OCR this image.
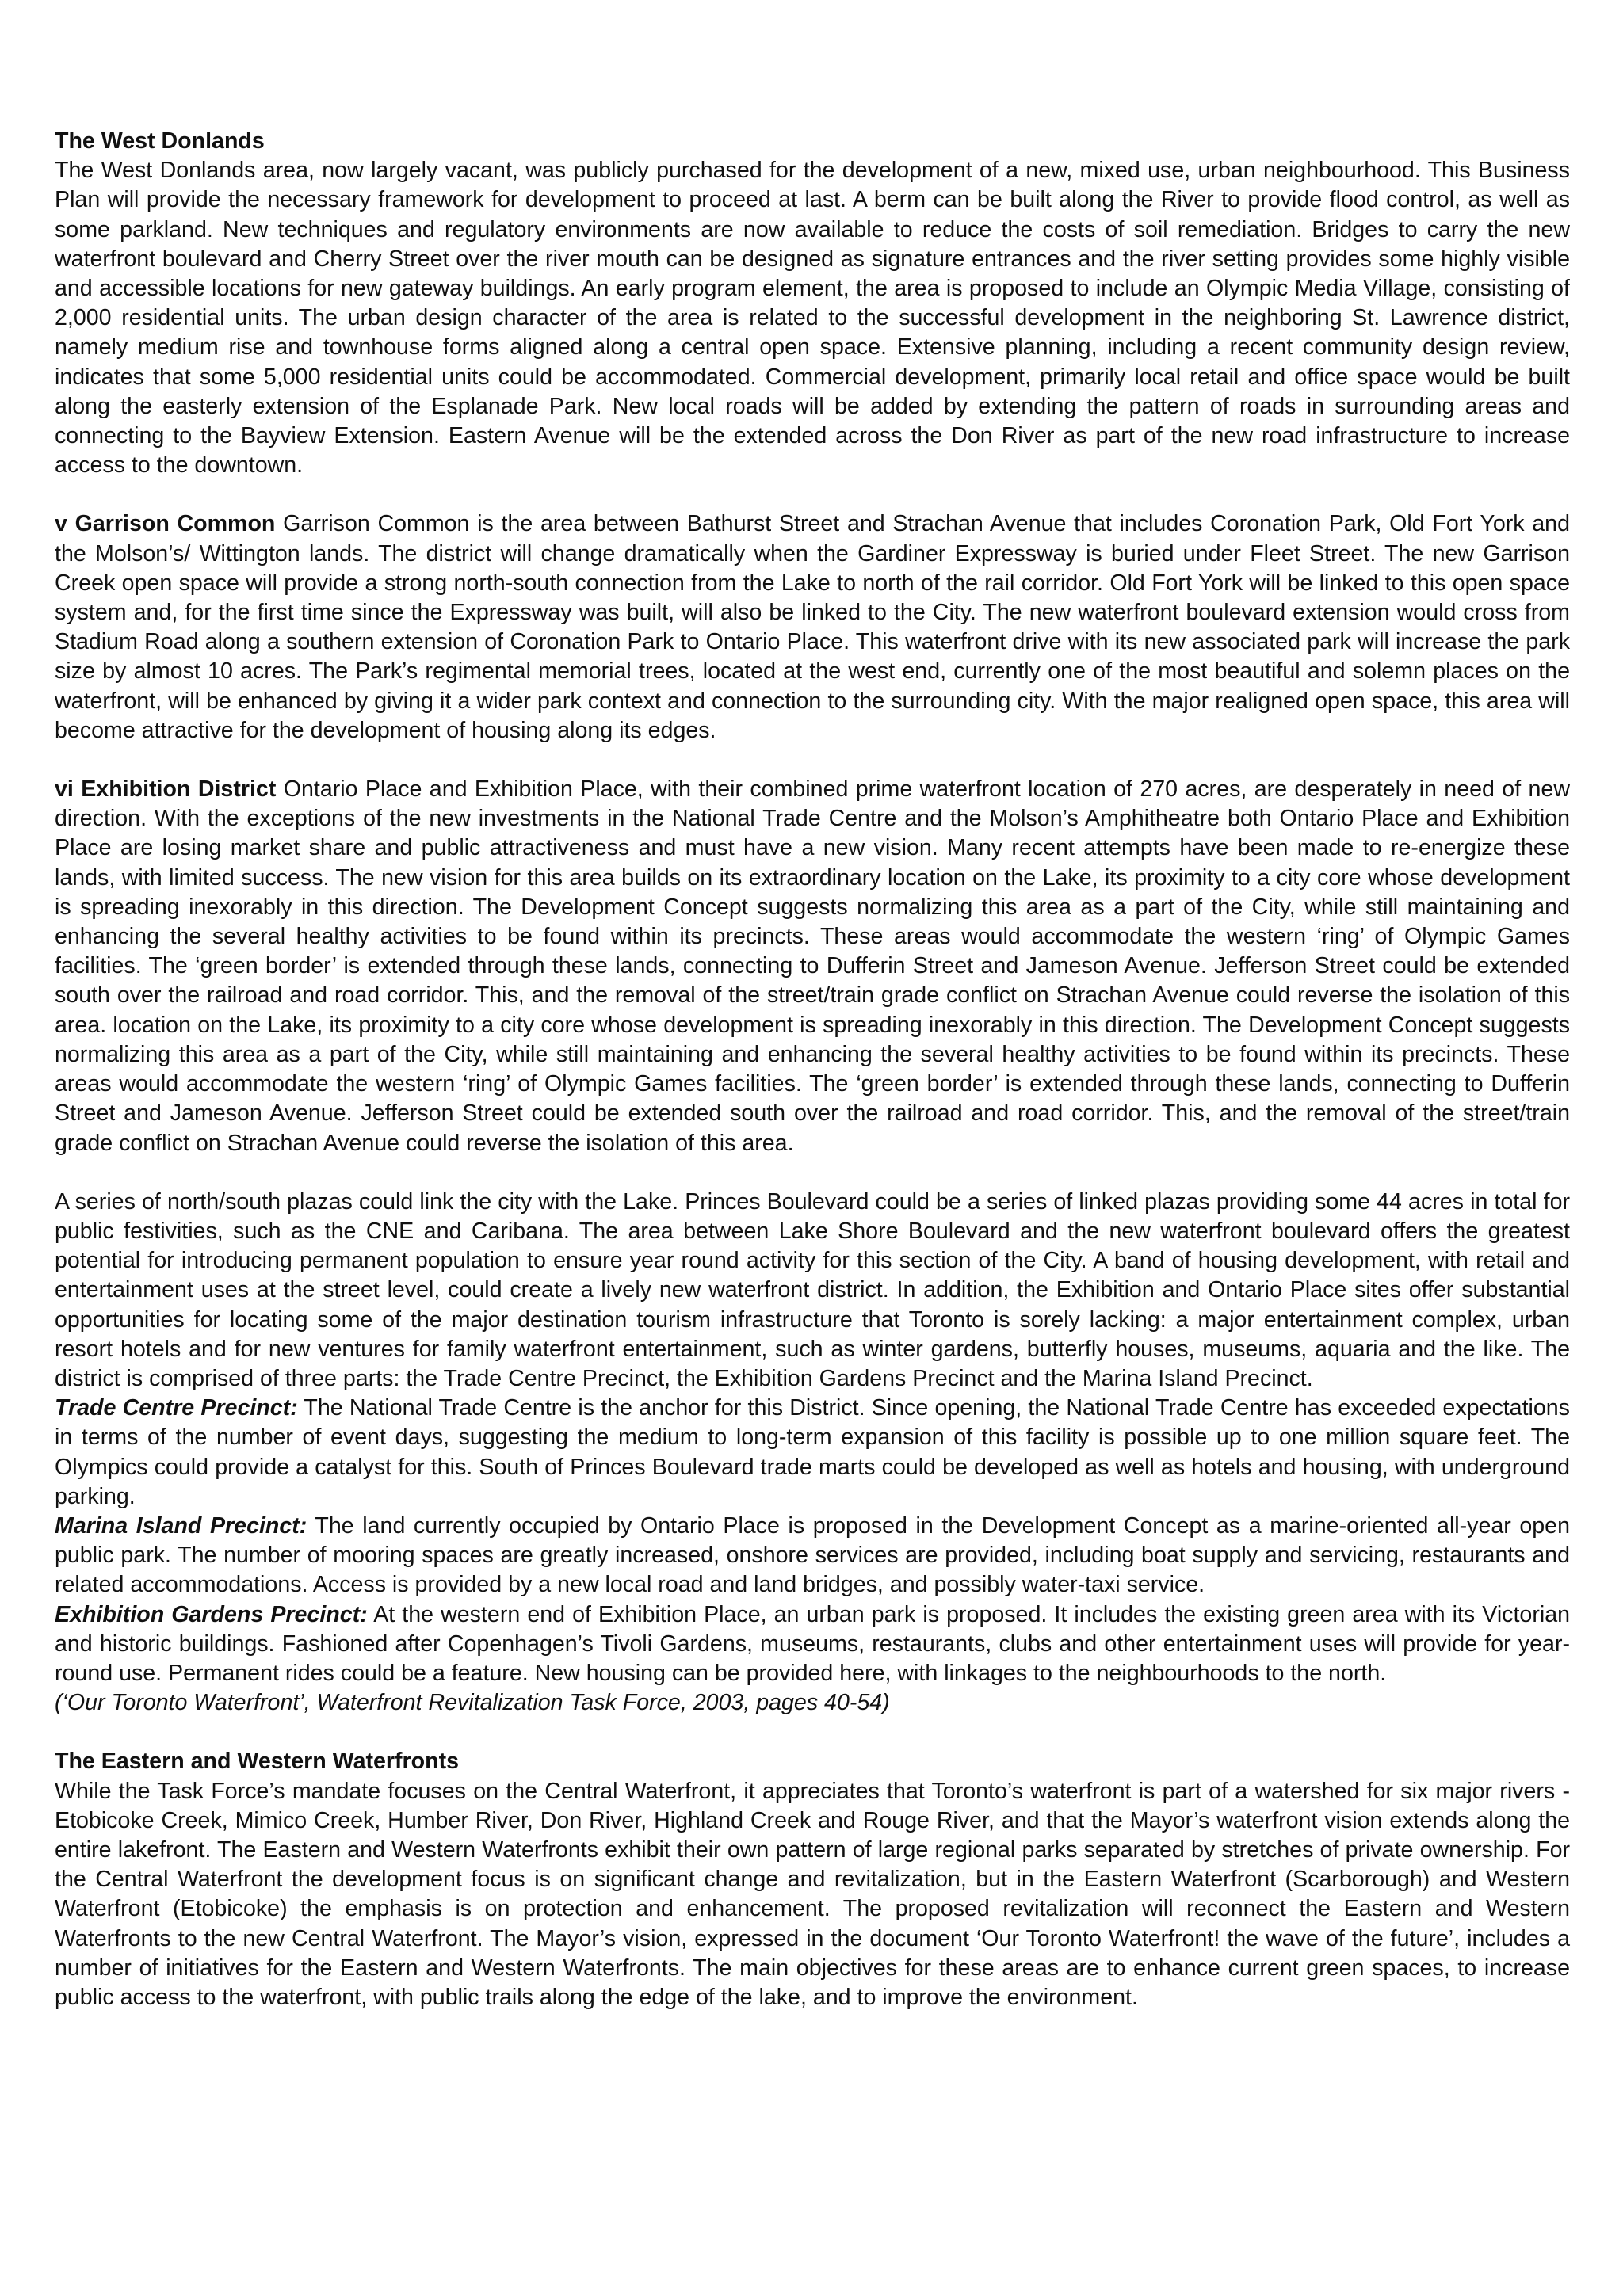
The West Donlands

The West Donlands area, now largely vacant, was publicly purchased for the development of a new, mixed use, urban neighbourhood. This Business Plan will provide the necessary framework for development to proceed at last. A berm can be built along the River to provide flood control, as well as some parkland. New techniques and regulatory environments are now available to reduce the costs of soil remediation. Bridges to carry the new waterfront boulevard and Cherry Street over the river mouth can be designed as signature entrances and the river setting provides some highly visible and accessible locations for new gateway buildings. An early program element, the area is proposed to include an Olympic Media Village, consisting of 2,000 residential units. The urban design character of the area is related to the successful development in the neighboring St. Lawrence district, namely medium rise and townhouse forms aligned along a central open space. Extensive planning, including a recent community design review, indicates that some 5,000 residential units could be accommodated. Commercial development, primarily local retail and office space would be built along the easterly extension of the Esplanade Park. New local roads will be added by extending the pattern of roads in surrounding areas and connecting to the Bayview Extension. Eastern Avenue will be the extended across the Don River as part of the new road infrastructure to increase access to the downtown.

v Garrison Common Garrison Common is the area between Bathurst Street and Strachan Avenue that includes Coronation Park, Old Fort York and the Molson’s/ Wittington lands. The district will change dramatically when the Gardiner Expressway is buried under Fleet Street. The new Garrison Creek open space will provide a strong north-south connection from the Lake to north of the rail corridor. Old Fort York will be linked to this open space system and, for the first time since the Expressway was built, will also be linked to the City. The new waterfront boulevard extension would cross from Stadium Road along a southern extension of Coronation Park to Ontario Place. This waterfront drive with its new associated park will increase the park size by almost 10 acres. The Park’s regimental memorial trees, located at the west end, currently one of the most beautiful and solemn places on the waterfront, will be enhanced by giving it a wider park context and connection to the surrounding city. With the major realigned open space, this area will become attractive for the development of housing along its edges.

vi Exhibition District Ontario Place and Exhibition Place, with their combined prime waterfront location of 270 acres, are desperately in need of new direction. With the exceptions of the new investments in the National Trade Centre and the Molson’s Amphitheatre both Ontario Place and Exhibition Place are losing market share and public attractiveness and must have a new vision. Many recent attempts have been made to re-energize these lands, with limited success. The new vision for this area builds on its extraordinary location on the Lake, its proximity to a city core whose development is spreading inexorably in this direction. The Development Concept suggests normalizing this area as a part of the City, while still maintaining and enhancing the several healthy activities to be found within its precincts. These areas would accommodate the western ‘ring’ of Olympic Games facilities. The ‘green border’ is extended through these lands, connecting to Dufferin Street and Jameson Avenue. Jefferson Street could be extended south over the railroad and road corridor. This, and the removal of the street/train grade conflict on Strachan Avenue could reverse the isolation of this area. location on the Lake, its proximity to a city core whose development is spreading inexorably in this direction. The Development Concept suggests normalizing this area as a part of the City, while still maintaining and enhancing the several healthy activities to be found within its precincts. These areas would accommodate the western ‘ring’ of Olympic Games facilities. The ‘green border’ is extended through these lands, connecting to Dufferin Street and Jameson Avenue. Jefferson Street could be extended south over the railroad and road corridor. This, and the removal of the street/train grade conflict on Strachan Avenue could reverse the isolation of this area.

A series of north/south plazas could link the city with the Lake. Princes Boulevard could be a series of linked plazas providing some 44 acres in total for public festivities, such as the CNE and Caribana. The area between Lake Shore Boulevard and the new waterfront boulevard offers the greatest potential for introducing permanent population to ensure year round activity for this section of the City. A band of housing development, with retail and entertainment uses at the street level, could create a lively new waterfront district. In addition, the Exhibition and Ontario Place sites offer substantial opportunities for locating some of the major destination tourism infrastructure that Toronto is sorely lacking: a major entertainment complex, urban resort hotels and for new ventures for family waterfront entertainment, such as winter gardens, butterfly houses, museums, aquaria and the like. The district is comprised of three parts: the Trade Centre Precinct, the Exhibition Gardens Precinct and the Marina Island Precinct.

Trade Centre Precinct: The National Trade Centre is the anchor for this District. Since opening, the National Trade Centre has exceeded expectations in terms of the number of event days, suggesting the medium to long-term expansion of this facility is possible up to one million square feet. The Olympics could provide a catalyst for this. South of Princes Boulevard trade marts could be developed as well as hotels and housing, with underground parking.

Marina Island Precinct: The land currently occupied by Ontario Place is proposed in the Development Concept as a marine-oriented all-year open public park. The number of mooring spaces are greatly increased, onshore services are provided, including boat supply and servicing, restaurants and related accommodations. Access is provided by a new local road and land bridges, and possibly water-taxi service.

Exhibition Gardens Precinct: At the western end of Exhibition Place, an urban park is proposed. It includes the existing green area with its Victorian and historic buildings. Fashioned after Copenhagen’s Tivoli Gardens, museums, restaurants, clubs and other entertainment uses will provide for year-round use. Permanent rides could be a feature. New housing can be provided here, with linkages to the neighbourhoods to the north.

(‘Our Toronto Waterfront’, Waterfront Revitalization Task Force, 2003, pages 40-54)
The Eastern and Western Waterfronts

While the Task Force’s mandate focuses on the Central Waterfront, it appreciates that Toronto’s waterfront is part of a watershed for six major rivers - Etobicoke Creek, Mimico Creek, Humber River, Don River, Highland Creek and Rouge River, and that the Mayor’s waterfront vision extends along the entire lakefront. The Eastern and Western Waterfronts exhibit their own pattern of large regional parks separated by stretches of private ownership. For the Central Waterfront the development focus is on significant change and revitalization, but in the Eastern Waterfront (Scarborough) and Western Waterfront (Etobicoke) the emphasis is on protection and enhancement. The proposed revitalization will reconnect the Eastern and Western Waterfronts to the new Central Waterfront. The Mayor’s vision, expressed in the document ‘Our Toronto Waterfront! the wave of the future’, includes a number of initiatives for the Eastern and Western Waterfronts. The main objectives for these areas are to enhance current green spaces, to increase public access to the waterfront, with public trails along the edge of the lake, and to improve the environment.
